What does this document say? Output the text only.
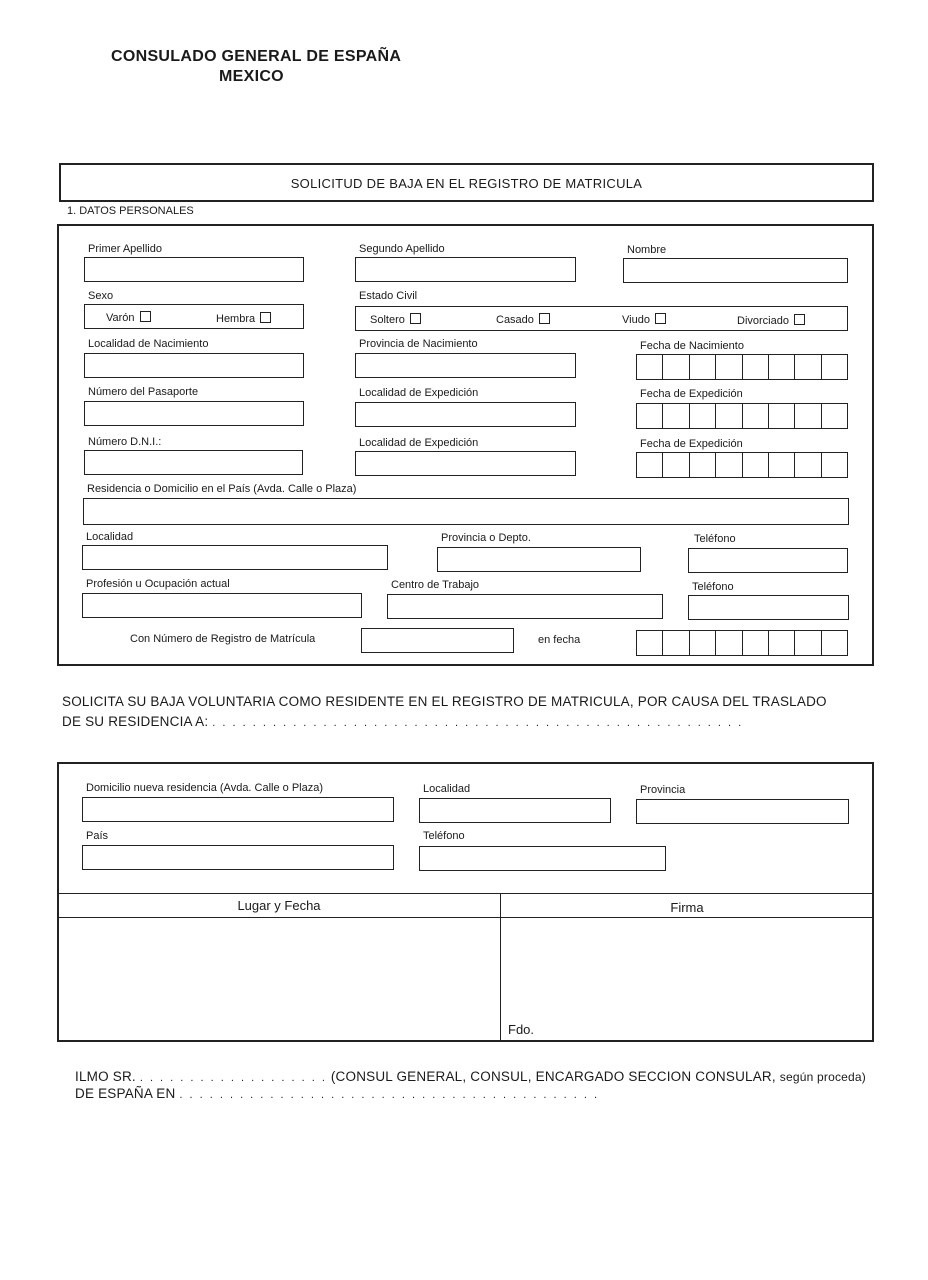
CONSULADO GENERAL DE ESPAÑA
MEXICO
SOLICITUD DE BAJA EN EL REGISTRO DE MATRICULA
1. DATOS PERSONALES
Primer Apellido	Segundo Apellido	Nombre
Sexo
Varón	Hembra
Estado Civil
Soltero	Casado	Viudo	Divorciado
Localidad de Nacimiento	Provincia de Nacimiento	Fecha de Nacimiento
Número del Pasaporte	Localidad de Expedición	Fecha de Expedición
Número D.N.I.:	Localidad de Expedición	Fecha de Expedición
Residencia o Domicilio en el País (Avda. Calle o Plaza)
Localidad	Provincia o Depto.	Teléfono
Profesión u Ocupación actual	Centro de Trabajo	Teléfono
Con Número de Registro de Matrícula	en fecha
SOLICITA SU BAJA VOLUNTARIA COMO RESIDENTE EN EL REGISTRO DE MATRICULA, POR CAUSA DEL TRASLADO
DE SU RESIDENCIA A: . . . . . . . . . . . . . . . . . . . . . . . . . . . . . . . . . . . . . . . . . . . . . . . . . . . . .
Domicilio nueva residencia (Avda. Calle o Plaza)	Localidad	Provincia
País	Teléfono
Lugar y Fecha	Firma
Fdo.
ILMO SR. . . . . . . . . . . . . . . . . . . . (CONSUL GENERAL, CONSUL, ENCARGADO SECCION CONSULAR, según proceda)
DE ESPAÑA EN . . . . . . . . . . . . . . . . . . . . . . . . . . . . . . . . . . . . . . . . . .
